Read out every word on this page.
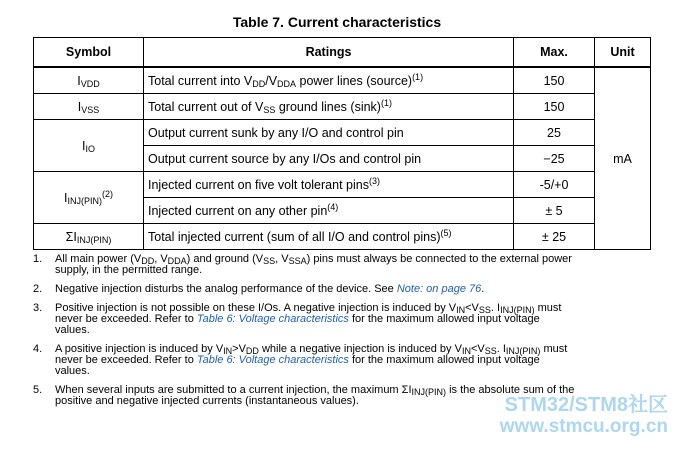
Table 7. Current characteristics
Symbol	Ratings	Max.	Unit
$I_{VDD}$	Total current into $V_{DD}/V_{DDA}$ power lines (source)$^{(1)}$	150	mA
$I_{VSS}$	Total current out of $V_{SS}$ ground lines $(\sin k)^{(1)}$	150	
$I_{IO}$	Output current sunk by any I/O and control pin	25	
	Output current source by any I/Os and control pin	−25	
$I_{INJ(PIN)}^{(2)}$	Injected current on five volt tolerant pins$^{(3)}$	-5/+0	
	Injected current on any other pin$^{(4)}$	± 5	
$\Sigma I_{INJ(PIN)}$	Total injected current (sum of all I/O and control pins)$^{(5)}$	± 25	
1. All main power ($V_{DD}$, $V_{DDA}$) and ground ($V_{SS}$, $V_{SSA}$) pins must always be connected to the external power
supply, in the permitted range.
2. Negative injection disturbs the analog performance of the device. See Note: on page 76.
3. Positive injection is not possible on these I/Os. A negative injection is induced by $V_{IN}<V_{SS}$. $I_{INJ(PIN)}$ must
never be exceeded. Refer to Table 6: Voltage characteristics for the maximum allowed input voltage
values.
4. A positive injection is induced by $V_{IN}>V_{DD}$ while a negative injection is induced by $V_{IN}<V_{SS}$. $I_{INJ(PIN)}$ must
never be exceeded. Refer to Table 6: Voltage characteristics for the maximum allowed input voltage
values.
5. When several inputs are submitted to a current injection, the maximum $\Sigma I_{INJ(PIN)}$ is the absolute sum of the
positive and negative injected currents (instantaneous values).	STM32/STM8社区
www.stmcu.org.cn
